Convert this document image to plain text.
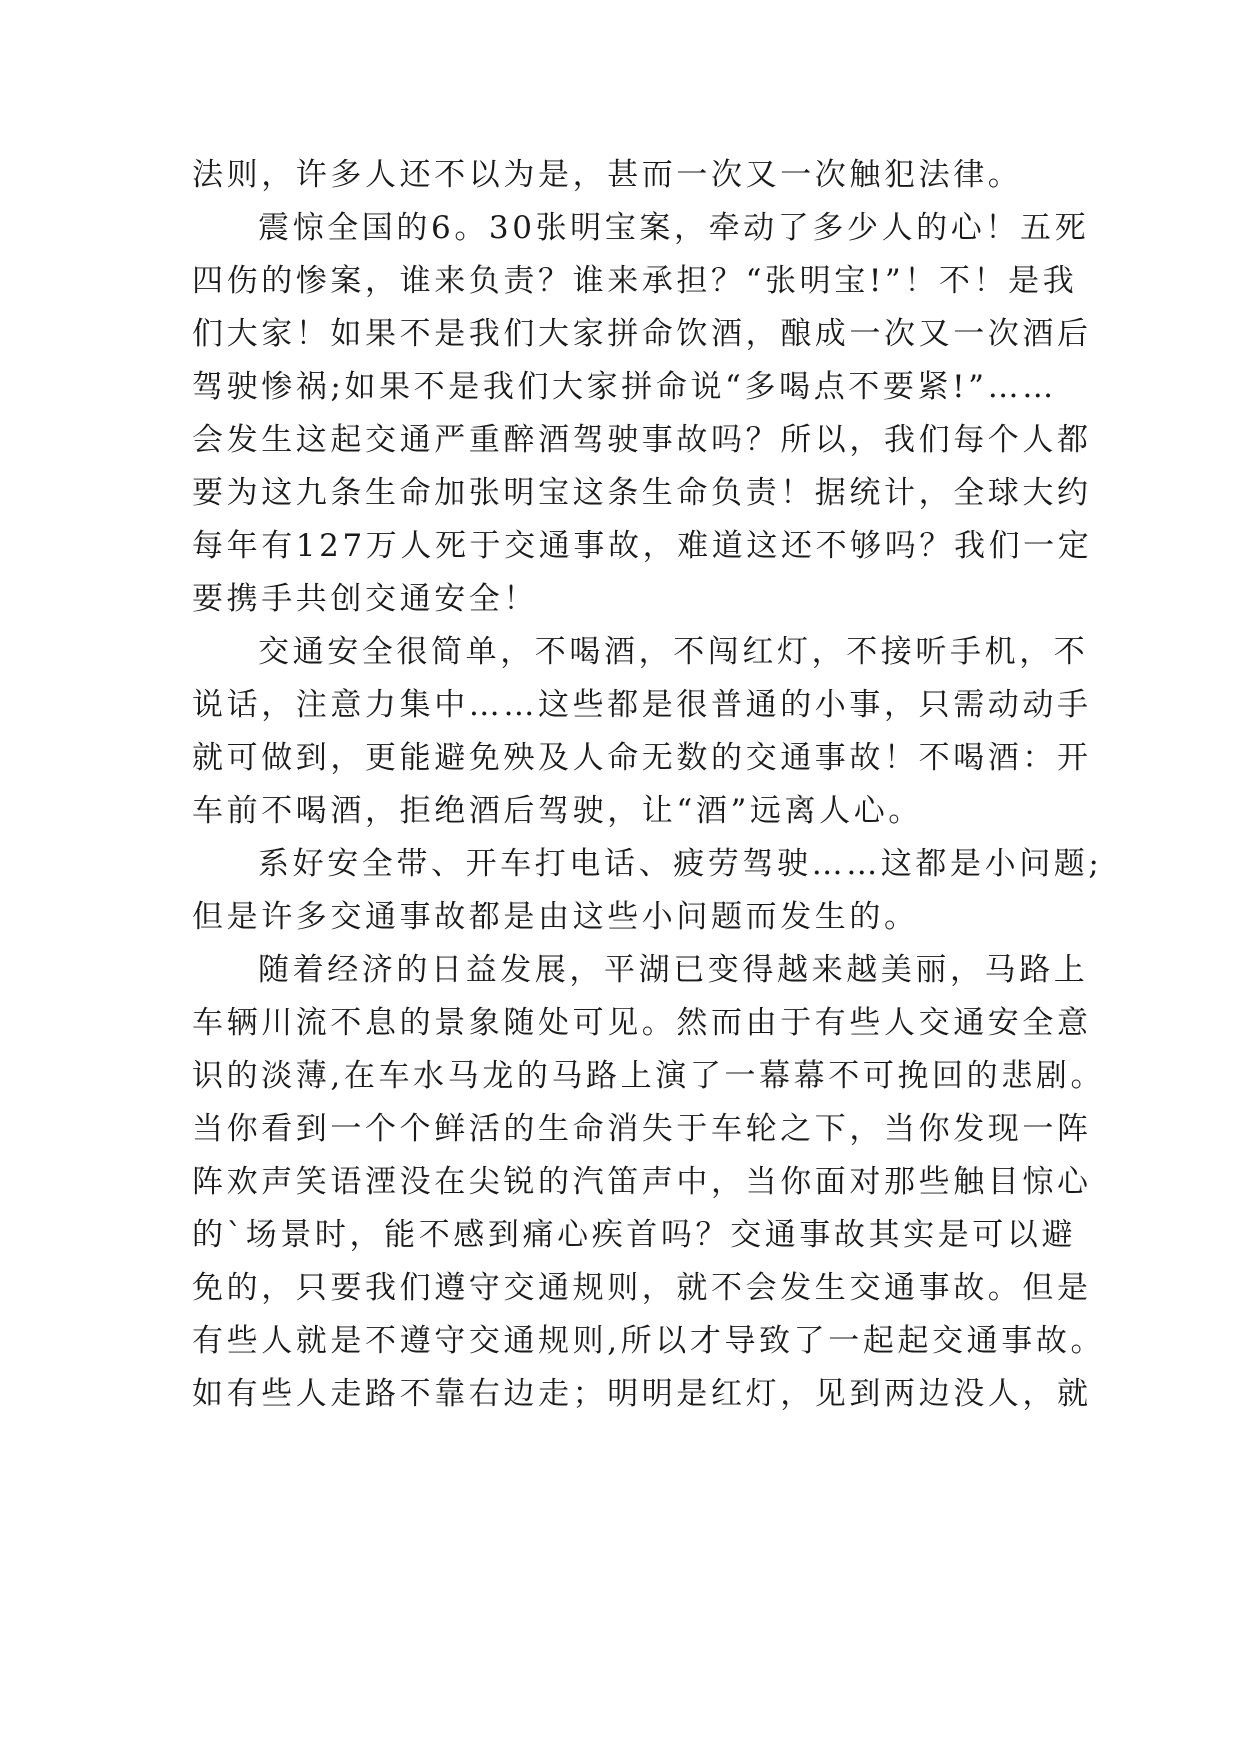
法则，许多人还不以为是，甚而一次又一次触犯法律。
震惊全国的6。30张明宝案，牵动了多少人的心！五死
四伤的惨案，谁来负责？谁来承担？“张明宝!”！不！是我
们大家！如果不是我们大家拼命饮酒，酿成一次又一次酒后
驾驶惨祸;如果不是我们大家拼命说“多喝点不要紧!”……
会发生这起交通严重醉酒驾驶事故吗？所以，我们每个人都
要为这九条生命加张明宝这条生命负责！据统计，全球大约
每年有127万人死于交通事故，难道这还不够吗？我们一定
要携手共创交通安全！
交通安全很简单，不喝酒，不闯红灯，不接听手机，不
说话，注意力集中……这些都是很普通的小事，只需动动手
就可做到，更能避免殃及人命无数的交通事故！不喝酒：开
车前不喝酒，拒绝酒后驾驶，让“酒”远离人心。
系好安全带、开车打电话、疲劳驾驶……这都是小问题;
但是许多交通事故都是由这些小问题而发生的。
随着经济的日益发展，平湖已变得越来越美丽，马路上
车辆川流不息的景象随处可见。然而由于有些人交通安全意
识的淡薄,在车水马龙的马路上演了一幕幕不可挽回的悲剧。
当你看到一个个鲜活的生命消失于车轮之下，当你发现一阵
阵欢声笑语湮没在尖锐的汽笛声中，当你面对那些触目惊心
的`场景时，能不感到痛心疾首吗？交通事故其实是可以避
免的，只要我们遵守交通规则，就不会发生交通事故。但是
有些人就是不遵守交通规则,所以才导致了一起起交通事故。
如有些人走路不靠右边走；明明是红灯，见到两边没人，就
